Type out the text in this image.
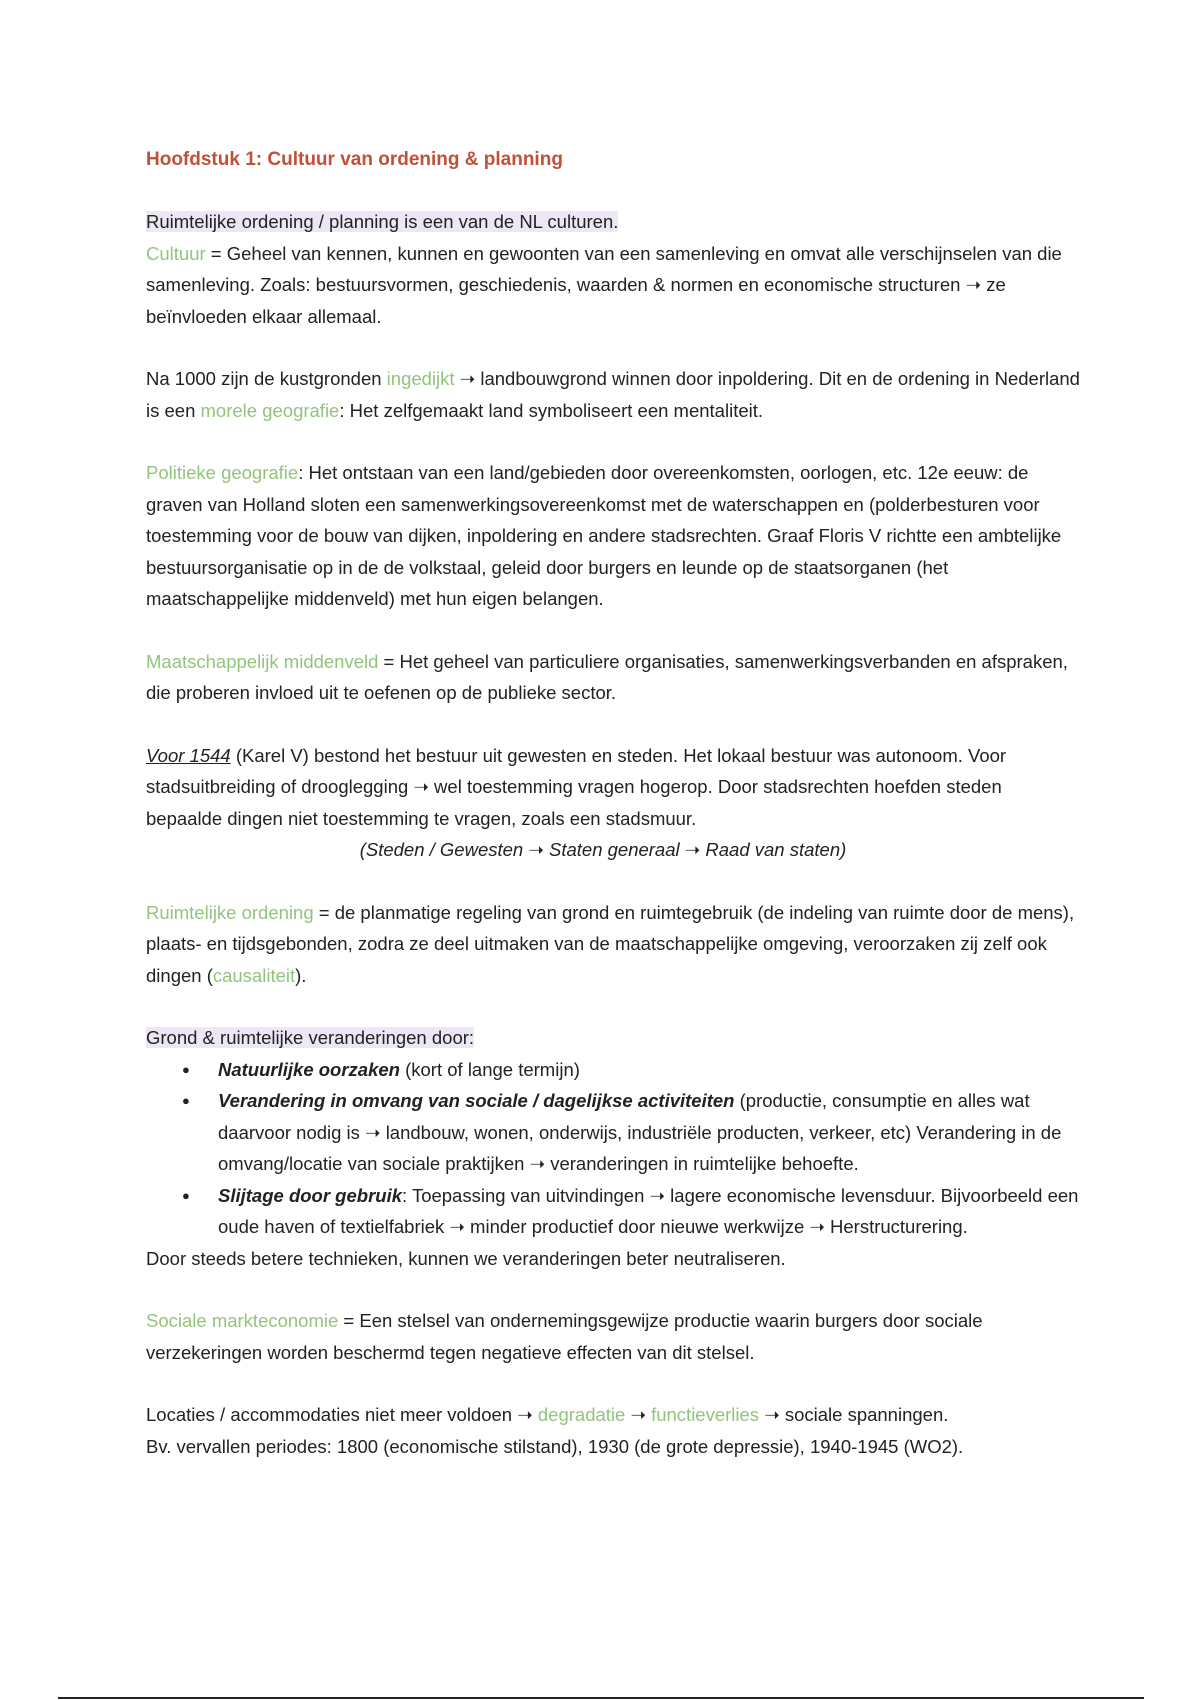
Hoofdstuk 1: Cultuur van ordening & planning

Ruimtelijke ordening / planning is een van de NL culturen.
Cultuur = Geheel van kennen, kunnen en gewoonten van een samenleving en omvat alle verschijnselen van die samenleving. Zoals: bestuursvormen, geschiedenis, waarden & normen en economische structuren ➝ ze beïnvloeden elkaar allemaal.

Na 1000 zijn de kustgronden ingedijkt ➝ landbouwgrond winnen door inpoldering. Dit en de ordening in Nederland is een morele geografie: Het zelfgemaakt land symboliseert een mentaliteit.

Politieke geografie: Het ontstaan van een land/gebieden door overeenkomsten, oorlogen, etc. 12e eeuw: de graven van Holland sloten een samenwerkingsovereenkomst met de waterschappen en (polderbesturen voor toestemming voor de bouw van dijken, inpoldering en andere stadsrechten. Graaf Floris V richtte een ambtelijke bestuursorganisatie op in de de volkstaal, geleid door burgers en leunde op de staatsorganen (het maatschappelijke middenveld) met hun eigen belangen.

Maatschappelijk middenveld = Het geheel van particuliere organisaties, samenwerkingsverbanden en afspraken, die proberen invloed uit te oefenen op de publieke sector.

Voor 1544 (Karel V) bestond het bestuur uit gewesten en steden. Het lokaal bestuur was autonoom. Voor stadsuitbreiding of drooglegging ➝ wel toestemming vragen hogerop. Door stadsrechten hoefden steden bepaalde dingen niet toestemming te vragen, zoals een stadsmuur.
(Steden / Gewesten ➝ Staten generaal ➝ Raad van staten)

Ruimtelijke ordening = de planmatige regeling van grond en ruimtegebruik (de indeling van ruimte door de mens), plaats- en tijdsgebonden, zodra ze deel uitmaken van de maatschappelijke omgeving, veroorzaken zij zelf ook dingen (causaliteit).

Grond & ruimtelijke veranderingen door:
● Natuurlijke oorzaken (kort of lange termijn)
● Verandering in omvang van sociale / dagelijkse activiteiten (productie, consumptie en alles wat daarvoor nodig is ➝ landbouw, wonen, onderwijs, industriële producten, verkeer, etc) Verandering in de omvang/locatie van sociale praktijken ➝ veranderingen in ruimtelijke behoefte.
● Slijtage door gebruik: Toepassing van uitvindingen ➝ lagere economische levensduur. Bijvoorbeeld een oude haven of textielfabriek ➝ minder productief door nieuwe werkwijze ➝ Herstructurering.
Door steeds betere technieken, kunnen we veranderingen beter neutraliseren.

Sociale markteconomie = Een stelsel van ondernemingsgewijze productie waarin burgers door sociale verzekeringen worden beschermd tegen negatieve effecten van dit stelsel.

Locaties / accommodaties niet meer voldoen ➝ degradatie ➝ functieverlies ➝ sociale spanningen.
Bv. vervallen periodes: 1800 (economische stilstand), 1930 (de grote depressie), 1940-1945 (WO2).
